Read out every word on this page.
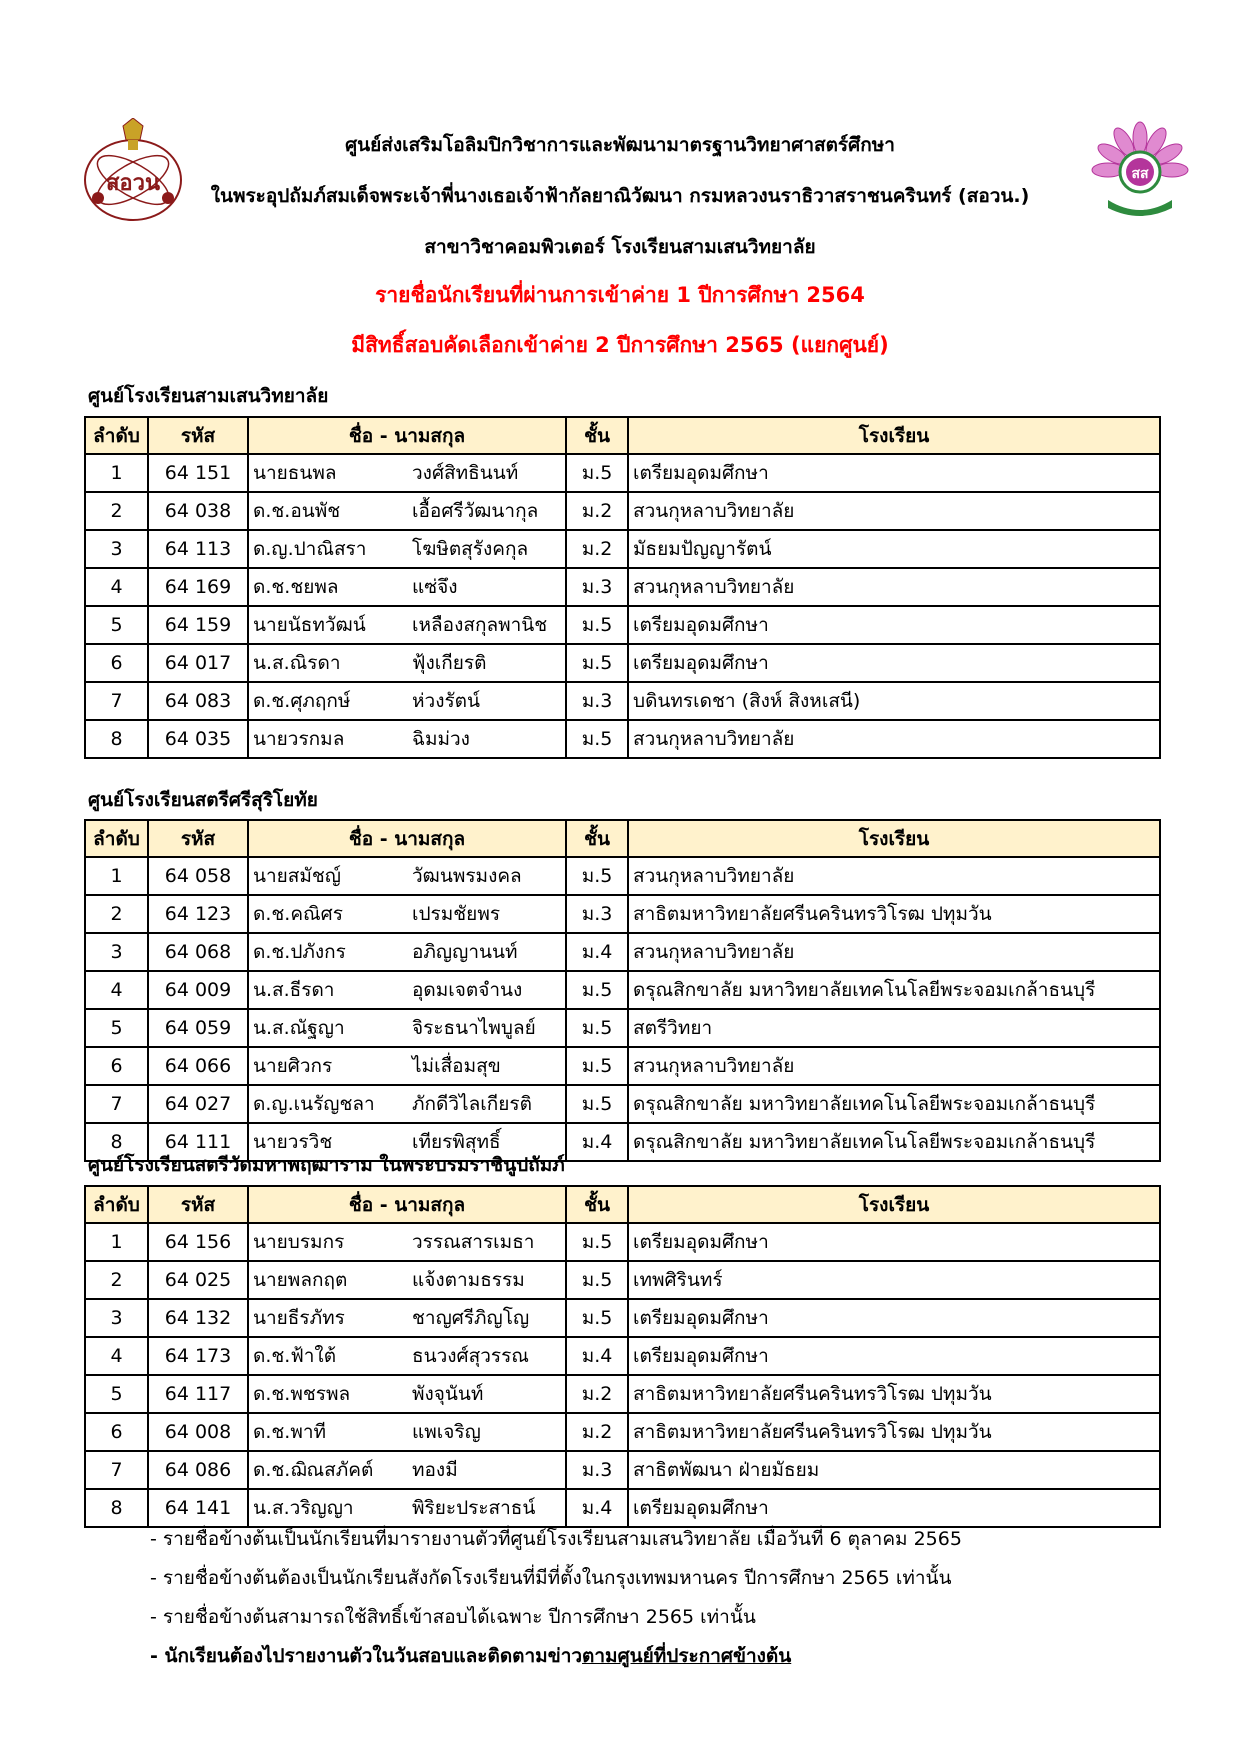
สอวน	สส
ศูนย์ส่งเสริมโอลิมปิกวิชาการและพัฒนามาตรฐานวิทยาศาสตร์ศึกษา
ในพระอุปถัมภ์สมเด็จพระเจ้าพี่นางเธอเจ้าฟ้ากัลยาณิวัฒนา กรมหลวงนราธิวาสราชนครินทร์ (สอวน.)
สาขาวิชาคอมพิวเตอร์ โรงเรียนสามเสนวิทยาลัย
รายชื่อนักเรียนที่ผ่านการเข้าค่าย 1 ปีการศึกษา 2564
มีสิทธิ์สอบคัดเลือกเข้าค่าย 2 ปีการศึกษา 2565 (แยกศูนย์)
ศูนย์โรงเรียนสามเสนวิทยาลัย
ลำดับ	รหัส	ชื่อ - นามสกุล		ชั้น	โรงเรียน
1	64 151	นายธนพล	วงศ์สิทธินนท์	ม.5	เตรียมอุดมศึกษา
2	64 038	ด.ช.อนพัช	เอื้อศรีวัฒนากุล	ม.2	สวนกุหลาบวิทยาลัย
3	64 113	ด.ญ.ปาณิสรา	โฆษิตสุรังคกุล	ม.2	มัธยมปัญญารัตน์
4	64 169	ด.ช.ชยพล	แซ่จึง	ม.3	สวนกุหลาบวิทยาลัย
5	64 159	นายนัธทวัฒน์	เหลืองสกุลพานิช	ม.5	เตรียมอุดมศึกษา
6	64 017	น.ส.ณิรดา	ฟุ้งเกียรติ	ม.5	เตรียมอุดมศึกษา
7	64 083	ด.ช.ศุภฤกษ์	ห่วงรัตน์	ม.3	บดินทรเดชา (สิงห์ สิงหเสนี)
8	64 035	นายวรกมล	ฉิมม่วง	ม.5	สวนกุหลาบวิทยาลัย
ศูนย์โรงเรียนสตรีศรีสุริโยทัย
ลำดับ	รหัส	ชื่อ - นามสกุล		ชั้น	โรงเรียน
1	64 058	นายสมัชญ์	วัฒนพรมงคล	ม.5	สวนกุหลาบวิทยาลัย
2	64 123	ด.ช.คณิศร	เปรมชัยพร	ม.3	สาธิตมหาวิทยาลัยศรีนครินทรวิโรฒ ปทุมวัน
3	64 068	ด.ช.ปภังกร	อภิญญานนท์	ม.4	สวนกุหลาบวิทยาลัย
4	64 009	น.ส.ธีรดา	อุดมเจตจำนง	ม.5	ดรุณสิกขาลัย มหาวิทยาลัยเทคโนโลยีพระจอมเกล้าธนบุรี
5	64 059	น.ส.ณัฐญา	จิระธนาไพบูลย์	ม.5	สตรีวิทยา
6	64 066	นายศิวกร	ไม่เสื่อมสุข	ม.5	สวนกุหลาบวิทยาลัย
7	64 027	ด.ญ.เนรัญชลา	ภักดีวิไลเกียรติ	ม.5	ดรุณสิกขาลัย มหาวิทยาลัยเทคโนโลยีพระจอมเกล้าธนบุรี
8	64 111	นายวรวิช	เทียรพิสุทธิ์	ม.4	ดรุณสิกขาลัย มหาวิทยาลัยเทคโนโลยีพระจอมเกล้าธนบุรี
ศูนย์โรงเรียนสตรีวัดมหาพฤฒาราม ในพระบรมราชินูปถัมภ์
ลำดับ	รหัส	ชื่อ - นามสกุล		ชั้น	โรงเรียน
1	64 156	นายบรมกร	วรรณสารเมธา	ม.5	เตรียมอุดมศึกษา
2	64 025	นายพลกฤต	แจ้งตามธรรม	ม.5	เทพศิรินทร์
3	64 132	นายธีรภัทร	ชาญศรีภิญโญ	ม.5	เตรียมอุดมศึกษา
4	64 173	ด.ช.ฟ้าใต้	ธนวงศ์สุวรรณ	ม.4	เตรียมอุดมศึกษา
5	64 117	ด.ช.พชรพล	พังจุนันท์	ม.2	สาธิตมหาวิทยาลัยศรีนครินทรวิโรฒ ปทุมวัน
6	64 008	ด.ช.พาที	แพเจริญ	ม.2	สาธิตมหาวิทยาลัยศรีนครินทรวิโรฒ ปทุมวัน
7	64 086	ด.ช.ฌิณสภัคต์	ทองมี	ม.3	สาธิตพัฒนา ฝ่ายมัธยม
8	64 141	น.ส.วริญญา	พิริยะประสาธน์	ม.4	เตรียมอุดมศึกษา
- รายชื่อข้างต้นเป็นนักเรียนที่มารายงานตัวที่ศูนย์โรงเรียนสามเสนวิทยาลัย เมื่อวันที่ 6 ตุลาคม 2565
- รายชื่อข้างต้นต้องเป็นนักเรียนสังกัดโรงเรียนที่มีที่ตั้งในกรุงเทพมหานคร ปีการศึกษา 2565 เท่านั้น
- รายชื่อข้างต้นสามารถใช้สิทธิ์เข้าสอบได้เฉพาะ ปีการศึกษา 2565 เท่านั้น
- นักเรียนต้องไปรายงานตัวในวันสอบและติดตามข่าวตามศูนย์ที่ประกาศข้างต้น
